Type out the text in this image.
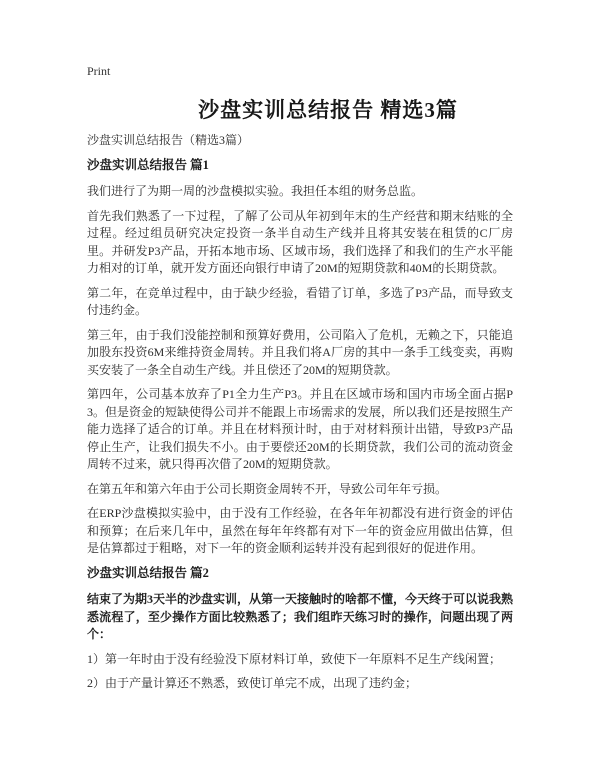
Print
沙盘实训总结报告 精选3篇

沙盘实训总结报告（精选3篇）

沙盘实训总结报告 篇1

我们进行了为期一周的沙盘模拟实验。我担任本组的财务总监。

首先我们熟悉了一下过程，了解了公司从年初到年末的生产经营和期末结账的全过程。经过组员研究决定投资一条半自动生产线并且将其安装在租赁的C厂房里。并研发P3产品，开拓本地市场、区域市场，我们选择了和我们的生产水平能力相对的订单，就开发方面还向银行申请了20M的短期贷款和40M的长期贷款。

第二年，在竞单过程中，由于缺少经验，看错了订单，多选了P3产品，而导致支付违约金。

第三年，由于我们没能控制和预算好费用，公司陷入了危机，无赖之下，只能追加股东投资6M来维持资金周转。并且我们将A厂房的其中一条手工线变卖，再购买安装了一条全自动生产线。并且偿还了20M的短期贷款。

第四年，公司基本放弃了P1全力生产P3。并且在区域市场和国内市场全面占据P3。但是资金的短缺使得公司并不能跟上市场需求的发展，所以我们还是按照生产能力选择了适合的订单。并且在材料预计时，由于对材料预计出错，导致P3产品停止生产，让我们损失不小。由于要偿还20M的长期贷款，我们公司的流动资金周转不过来，就只得再次借了20M的短期贷款。

在第五年和第六年由于公司长期资金周转不开，导致公司年年亏损。

在ERP沙盘模拟实验中，由于没有工作经验，在各年年初都没有进行资金的评估和预算；在后来几年中，虽然在每年年终都有对下一年的资金应用做出估算，但是估算都过于粗略，对下一年的资金顺利运转并没有起到很好的促进作用。

沙盘实训总结报告 篇2

结束了为期3天半的沙盘实训，从第一天接触时的啥都不懂，今天终于可以说我熟悉流程了，至少操作方面比较熟悉了；我们组昨天练习时的操作，问题出现了两个：

1）第一年时由于没有经验没下原材料订单，致使下一年原料不足生产线闲置；

2）由于产量计算还不熟悉，致使订单完不成，出现了违约金；
